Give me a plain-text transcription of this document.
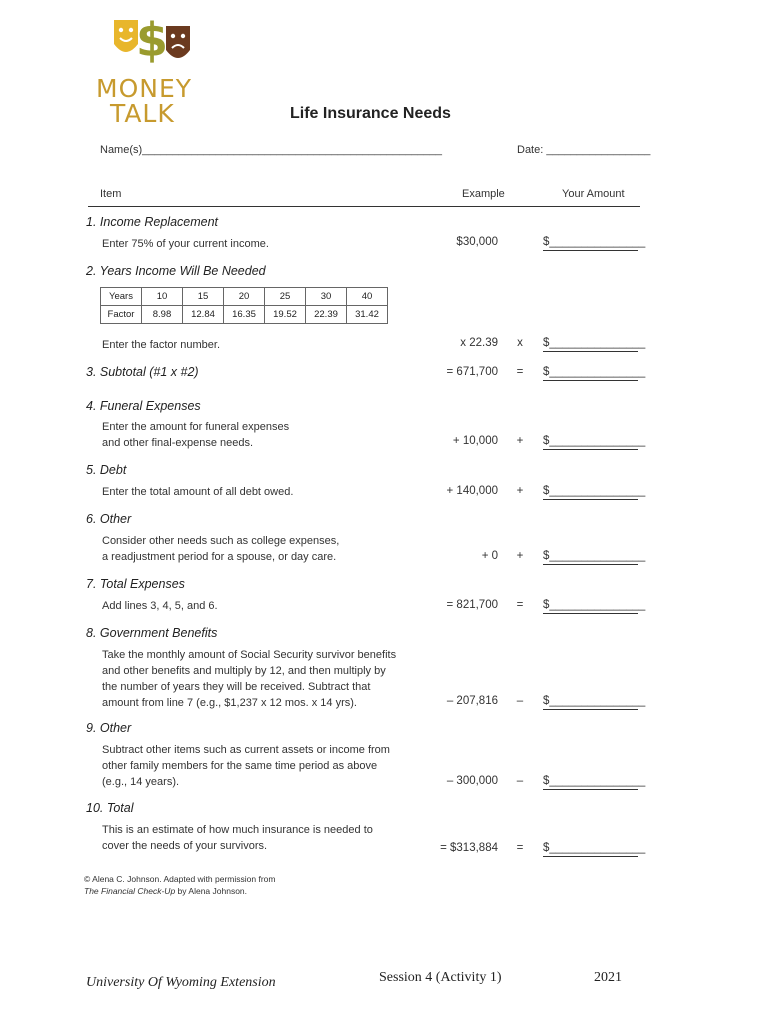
$
MONEY
TALK	Life Insurance Needs
Name(s)_________________________________________________	Date: _________________
Item	Example	Your Amount
1. Income Replacement
Enter 75% of your current income.	$30,000	$_______________
2. Years Income Will Be Needed
Years	10	15	20	25	30	40
Factor	8.98	12.84	16.35	19.52	22.39	31.42
Enter the factor number.	x 22.39	x	$_______________
3. Subtotal (#1 x #2)	= 671,700	=	$_______________
4. Funeral Expenses
Enter the amount for funeral expenses
and other final-expense needs.	+ 10,000	+	$_______________
5. Debt
Enter the total amount of all debt owed.	+ 140,000	+	$_______________
6. Other
Consider other needs such as college expenses,
a readjustment period for a spouse, or day care.	+ 0	+	$_______________
7. Total Expenses
Add lines 3, 4, 5, and 6.	= 821,700	=	$_______________
8. Government Benefits
Take the monthly amount of Social Security survivor benefits
and other benefits and multiply by 12, and then multiply by
the number of years they will be received. Subtract that
amount from line 7 (e.g., $1,237 x 12 mos. x 14 yrs).	– 207,816	–	$_______________
9. Other
Subtract other items such as current assets or income from
other family members for the same time period as above
(e.g., 14 years).	– 300,000	–	$_______________
10. Total
This is an estimate of how much insurance is needed to
cover the needs of your survivors.	= $313,884	=	$_______________
© Alena C. Johnson. Adapted with permission from
The Financial Check-Up by Alena Johnson.
University Of Wyoming Extension	Session 4 (Activity 1)	2021
